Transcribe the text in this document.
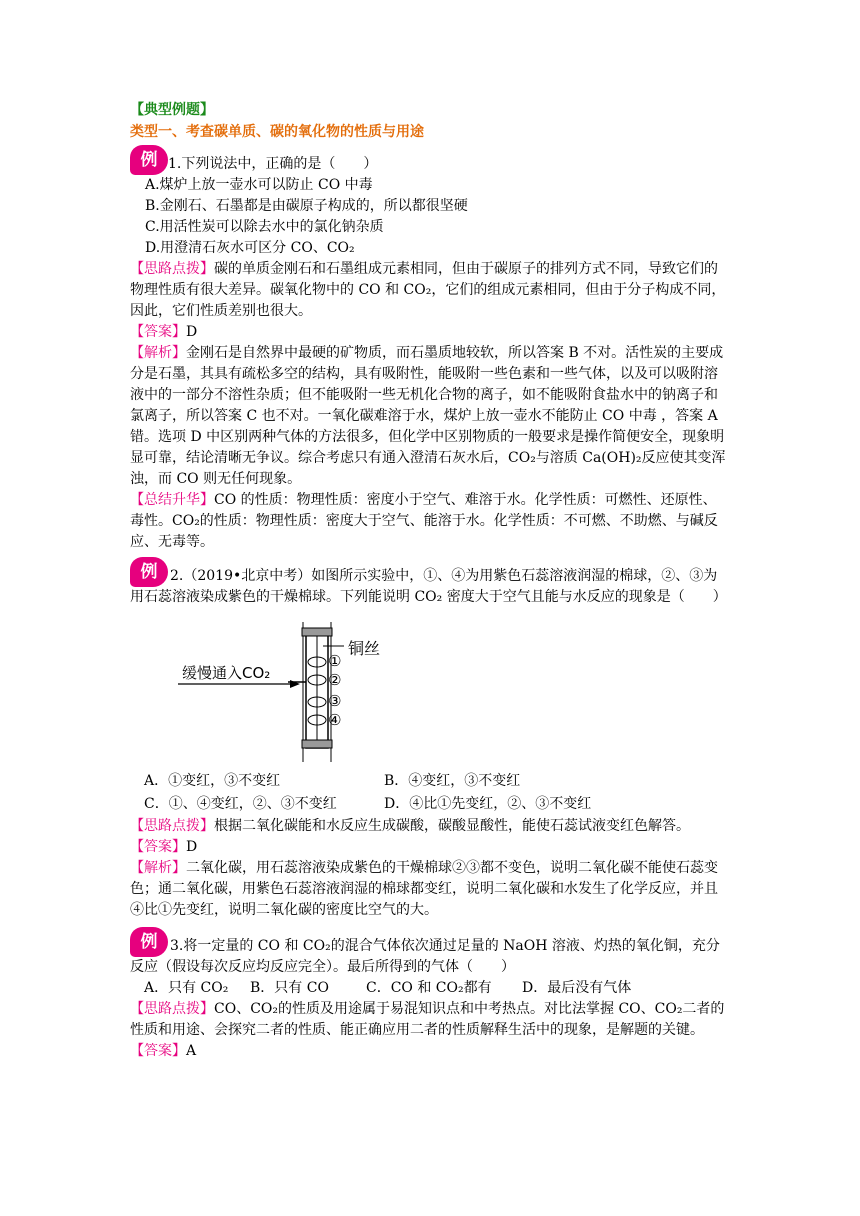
【典型例题】
类型一、考查碳单质、碳的氧化物的性质与用途
例 1.下列说法中，正确的是（　　）
A.煤炉上放一壶水可以防止 CO 中毒
B.金刚石、石墨都是由碳原子构成的，所以都很坚硬
C.用活性炭可以除去水中的氯化钠杂质
D.用澄清石灰水可区分 CO、CO₂
【思路点拨】碳的单质金刚石和石墨组成元素相同，但由于碳原子的排列方式不同，导致它们的物理性质有很大差异。碳氧化物中的 CO 和 CO₂，它们的组成元素相同，但由于分子构成不同，因此，它们性质差别也很大。
【答案】D
【解析】金刚石是自然界中最硬的矿物质，而石墨质地较软，所以答案 B 不对。活性炭的主要成分是石墨，其具有疏松多空的结构，具有吸附性，能吸附一些色素和一些气体，以及可以吸附溶液中的一部分不溶性杂质；但不能吸附一些无机化合物的离子，如不能吸附食盐水中的钠离子和氯离子，所以答案 C 也不对。一氧化碳难溶于水，煤炉上放一壶水不能防止 CO 中毒 ，答案 A 错。选项 D 中区别两种气体的方法很多，但化学中区别物质的一般要求是操作简便安全，现象明显可靠，结论清晰无争议。综合考虑只有通入澄清石灰水后，CO₂与溶质 Ca(OH)₂反应使其变浑浊，而 CO 则无任何现象。
【总结升华】CO 的性质：物理性质：密度小于空气、难溶于水。化学性质：可燃性、还原性、毒性。CO₂的性质：物理性质：密度大于空气、能溶于水。化学性质：不可燃、不助燃、与碱反应、无毒等。
例 2.（2019•北京中考）如图所示实验中，①、④为用紫色石蕊溶液润湿的棉球，②、③为用石蕊溶液染成紫色的干燥棉球。下列能说明 CO₂ 密度大于空气且能与水反应的现象是（　　）
缓慢通入CO₂
铜丝
①
②
③
④
A．①变红，③不变红	B．④变红，③不变红
C．①、④变红，②、③不变红	D．④比①先变红，②、③不变红
【思路点拨】根据二氧化碳能和水反应生成碳酸，碳酸显酸性，能使石蕊试液变红色解答。
【答案】D
【解析】二氧化碳，用石蕊溶液染成紫色的干燥棉球②③都不变色，说明二氧化碳不能使石蕊变色；通二氧化碳，用紫色石蕊溶液润湿的棉球都变红，说明二氧化碳和水发生了化学反应，并且④比①先变红，说明二氧化碳的密度比空气的大。
例 3.将一定量的 CO 和 CO₂的混合气体依次通过足量的 NaOH 溶液、灼热的氧化铜，充分反应（假设每次反应均反应完全）。最后所得到的气体（　　）
A．只有 CO₂	B．只有 CO	C．CO 和 CO₂都有	D．最后没有气体
【思路点拨】CO、CO₂的性质及用途属于易混知识点和中考热点。对比法掌握 CO、CO₂二者的性质和用途、会探究二者的性质、能正确应用二者的性质解释生活中的现象，是解题的关键。
【答案】A
